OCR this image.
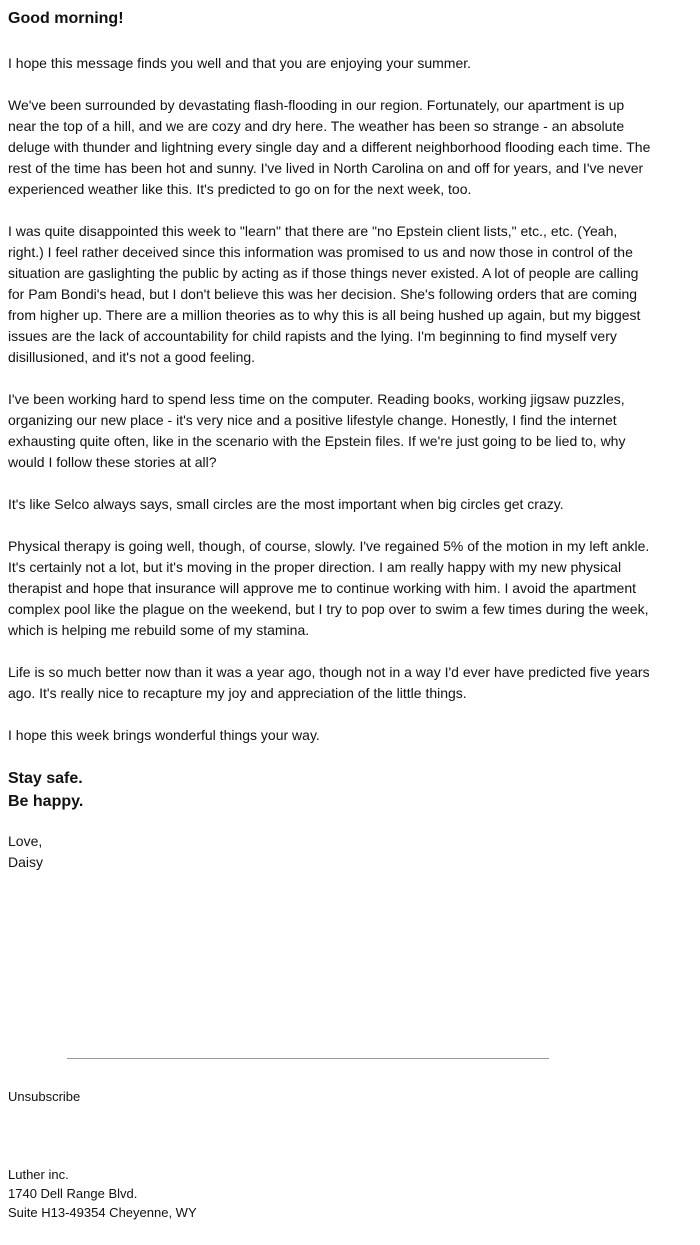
Good morning!
I hope this message finds you well and that you are enjoying your summer.
We've been surrounded by devastating flash-flooding in our region. Fortunately, our apartment is up
near the top of a hill, and we are cozy and dry here. The weather has been so strange - an absolute
deluge with thunder and lightning every single day and a different neighborhood flooding each time. The
rest of the time has been hot and sunny. I've lived in North Carolina on and off for years, and I've never
experienced weather like this. It's predicted to go on for the next week, too.
I was quite disappointed this week to "learn" that there are "no Epstein client lists," etc., etc. (Yeah,
right.) I feel rather deceived since this information was promised to us and now those in control of the
situation are gaslighting the public by acting as if those things never existed. A lot of people are calling
for Pam Bondi's head, but I don't believe this was her decision. She's following orders that are coming
from higher up. There are a million theories as to why this is all being hushed up again, but my biggest
issues are the lack of accountability for child rapists and the lying. I'm beginning to find myself very
disillusioned, and it's not a good feeling.
I've been working hard to spend less time on the computer. Reading books, working jigsaw puzzles,
organizing our new place - it's very nice and a positive lifestyle change. Honestly, I find the internet
exhausting quite often, like in the scenario with the Epstein files. If we're just going to be lied to, why
would I follow these stories at all?
It's like Selco always says, small circles are the most important when big circles get crazy.
Physical therapy is going well, though, of course, slowly. I've regained 5% of the motion in my left ankle.
It's certainly not a lot, but it's moving in the proper direction. I am really happy with my new physical
therapist and hope that insurance will approve me to continue working with him. I avoid the apartment
complex pool like the plague on the weekend, but I try to pop over to swim a few times during the week,
which is helping me rebuild some of my stamina.
Life is so much better now than it was a year ago, though not in a way I'd ever have predicted five years
ago. It's really nice to recapture my joy and appreciation of the little things.
I hope this week brings wonderful things your way.
Stay safe.
Be happy.
Love,
Daisy
Unsubscribe
Luther inc.
1740 Dell Range Blvd.
Suite H13-49354 Cheyenne, WY
